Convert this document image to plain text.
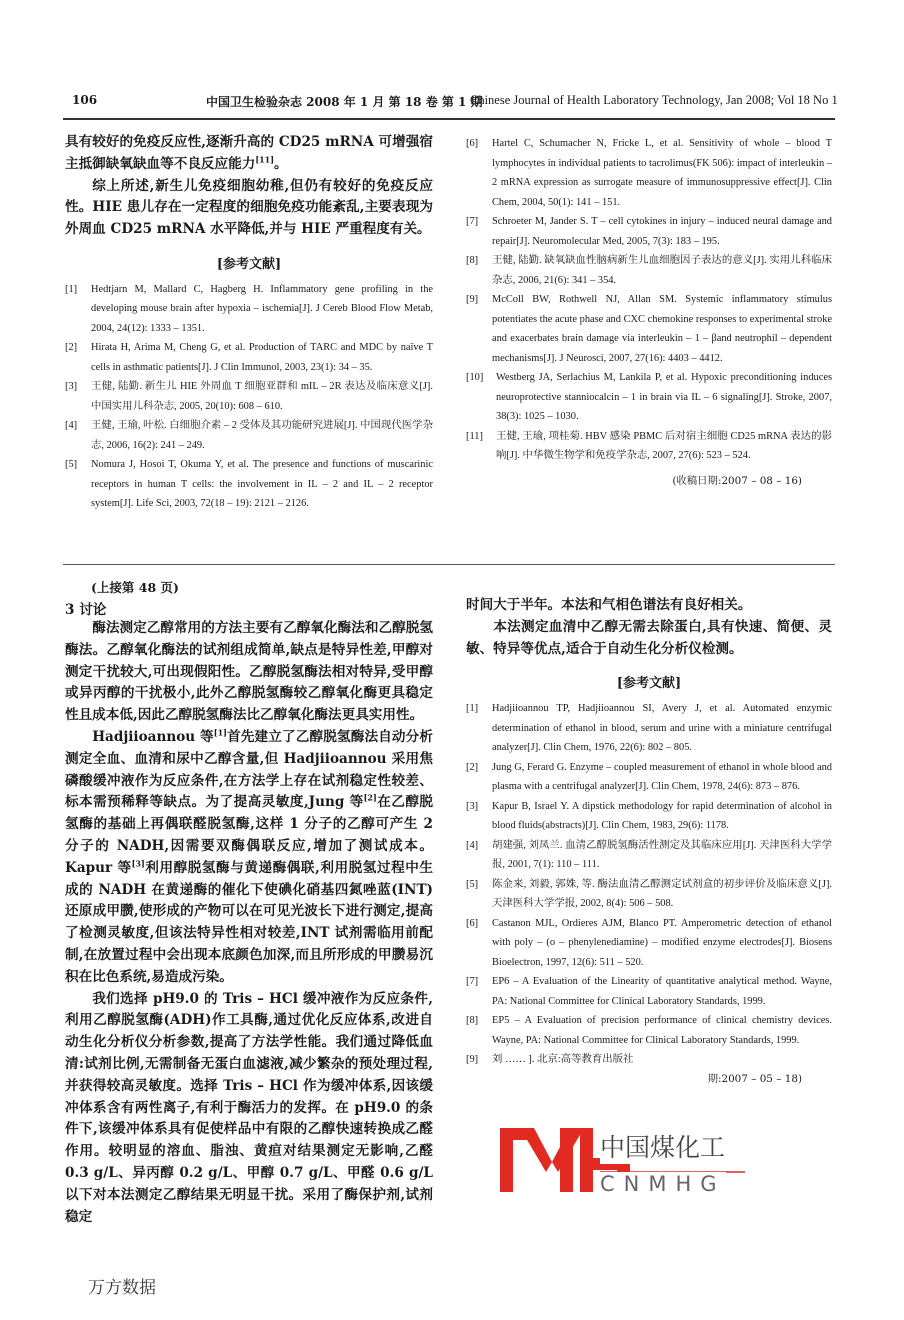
106	中国卫生检验杂志 2008 年 1 月 第 18 卷 第 1 期
Chinese Journal of Health Laboratory Technology, Jan 2008; Vol 18 No 1

具有较好的免疫反应性,逐渐升高的 CD25 mRNA 可增强宿主抵御缺氧缺血等不良反应能力[11]。

综上所述,新生儿免疫细胞幼稚,但仍有较好的免疫反应性。HIE 患儿存在一定程度的细胞免疫功能紊乱,主要表现为外周血 CD25 mRNA 水平降低,并与 HIE 严重程度有关。

[参考文献]
[1]	Hedtjarn M, Mallard C, Hagberg H. Inflammatory gene profiling in the developing mouse brain after hypoxia – ischemia[J]. J Cereb Blood Flow Metab, 2004, 24(12): 1333 – 1351.
[2]	Hirata H, Arima M, Cheng G, et al. Production of TARC and MDC by naïve T cells in asthmatic patients[J]. J Clin Immunol, 2003, 23(1): 34 – 35.
[3]	王健, 陆勤. 新生儿 HIE 外周血 T 细胞亚群和 mIL – 2R 表达及临床意义[J]. 中国实用儿科杂志, 2005, 20(10): 608 – 610.
[4]	王健, 王瑜, 叶松. 白细胞介素 – 2 受体及其功能研究进展[J]. 中国现代医学杂志, 2006, 16(2): 241 – 249.
[5]	Nomura J, Hosoi T, Okuma Y, et al. The presence and functions of muscarinic receptors in human T cells: the involvement in IL – 2 and IL – 2 receptor system[J]. Life Sci, 2003, 72(18 – 19): 2121 – 2126.
[6]	Hartel C, Schumacher N, Fricke L, et al. Sensitivity of whole – blood T lymphocytes in individual patients to tacrolimus(FK 506): impact of interleukin – 2 mRNA expression as surrogate measure of immunosuppressive effect[J]. Clin Chem, 2004, 50(1): 141 – 151.
[7]	Schroeter M, Jander S. T – cell cytokines in injury – induced neural damage and repair[J]. Neuromolecular Med, 2005, 7(3): 183 – 195.
[8]	王健, 陆勤. 缺氧缺血性脑病新生儿血细胞因子表达的意义[J]. 实用儿科临床杂志, 2006, 21(6): 341 – 354.
[9]	McColl BW, Rothwell NJ, Allan SM. Systemic inflammatory stimulus potentiates the acute phase and CXC chemokine responses to experimental stroke and exacerbates brain damage via interleukin – 1 – βand neutrophil – dependent mechanisms[J]. J Neurosci, 2007, 27(16): 4403 – 4412.
[10]	Westberg JA, Serlachius M, Lankila P, et al. Hypoxic preconditioning induces neuroprotective stanniocalcin – 1 in brain via IL – 6 signaling[J]. Stroke, 2007, 38(3): 1025 – 1030.
[11]	王健, 王瑜, 项桂菊. HBV 感染 PBMC 后对宿主细胞 CD25 mRNA 表达的影响[J]. 中华微生物学和免疫学杂志, 2007, 27(6): 523 – 524.
(收稿日期:2007 – 08 – 16)
(上接第 48 页)
3 讨论

酶法测定乙醇常用的方法主要有乙醇氧化酶法和乙醇脱氢酶法。乙醇氧化酶法的试剂组成简单,缺点是特异性差,甲醇对测定干扰较大,可出现假阳性。乙醇脱氢酶法相对特异,受甲醇或异丙醇的干扰极小,此外乙醇脱氢酶较乙醇氧化酶更具稳定性且成本低,因此乙醇脱氢酶法比乙醇氧化酶法更具实用性。

Hadjiioannou 等[1]首先建立了乙醇脱氢酶法自动分析测定全血、血清和尿中乙醇含量,但 Hadjiioannou 采用焦磷酸缓冲液作为反应条件,在方法学上存在试剂稳定性较差、标本需预稀释等缺点。为了提高灵敏度,Jung 等[2]在乙醇脱氢酶的基础上再偶联醛脱氢酶,这样 1 分子的乙醇可产生 2 分子的 NADH,因需要双酶偶联反应,增加了测试成本。Kapur 等[3]利用醇脱氢酶与黄递酶偶联,利用脱氢过程中生成的 NADH 在黄递酶的催化下使碘化硝基四氮唑蓝(INT)还原成甲臜,使形成的产物可以在可见光波长下进行测定,提高了检测灵敏度,但该法特异性相对较差,INT 试剂需临用前配制,在放置过程中会出现本底颜色加深,而且所形成的甲臜易沉积在比色系统,易造成污染。

我们选择 pH9.0 的 Tris – HCl 缓冲液作为反应条件,利用乙醇脱氢酶(ADH)作工具酶,通过优化反应体系,改进自动生化分析仪分析参数,提高了方法学性能。我们通过降低血清:试剂比例,无需制备无蛋白血滤液,减少繁杂的预处理过程,并获得较高灵敏度。选择 Tris – HCl 作为缓冲体系,因该缓冲体系含有两性离子,有利于酶活力的发挥。在 pH9.0 的条件下,该缓冲体系具有促使样品中有限的乙醇快速转换成乙醛作用。较明显的溶血、脂浊、黄疸对结果测定无影响,乙醛 0.3 g/L、异丙醇 0.2 g/L、甲醇 0.7 g/L、甲醛 0.6 g/L 以下对本法测定乙醇结果无明显干扰。采用了酶保护剂,试剂稳定

时间大于半年。本法和气相色谱法有良好相关。

本法测定血清中乙醇无需去除蛋白,具有快速、简便、灵敏、特异等优点,适合于自动生化分析仪检测。

[参考文献]
[1]	Hadjiioannou TP, Hadjiioannou SI, Avery J, et al. Automated enzymic determination of ethanol in blood, serum and urine with a miniature centrifugal analyzer[J]. Clin Chem, 1976, 22(6): 802 – 805.
[2]	Jung G, Ferard G. Enzyme – coupled measurement of ethanol in whole blood and plasma with a centrifugal analyzer[J]. Clin Chem, 1978, 24(6): 873 – 876.
[3]	Kapur B, Israel Y. A dipstick methodology for rapid determination of alcohol in blood fluids(abstracts)[J]. Clin Chem, 1983, 29(6): 1178.
[4]	胡建强, 刘凤兰. 血清乙醇脱氢酶活性测定及其临床应用[J]. 天津医科大学学报, 2001, 7(1): 110 – 111.
[5]	陈金来, 刘毅, 郭姝, 等. 酶法血清乙醇测定试剂盒的初步评价及临床意义[J]. 天津医科大学学报, 2002, 8(4): 506 – 508.
[6]	Castanon MJL, Ordieres AJM, Blanco PT. Amperometric detection of ethanol with poly – (o – phenylenediamine) – modified enzyme electrodes[J]. Biosens Bioelectron, 1997, 12(6): 511 – 520.
[7]	EP6 – A Evaluation of the Linearity of quantitative analytical method. Wayne, PA: National Committee for Clinical Laboratory Standards, 1999.
[8]	EP5 – A Evaluation of precision performance of clinical chemistry devices. Wayne, PA: National Committee for Clinical Laboratory Standards, 1999.
[9]	刘 …… ]. 北京:高等教育出版社
期:2007 – 05 – 18)
中国煤化工
CNMHG
万方数据
